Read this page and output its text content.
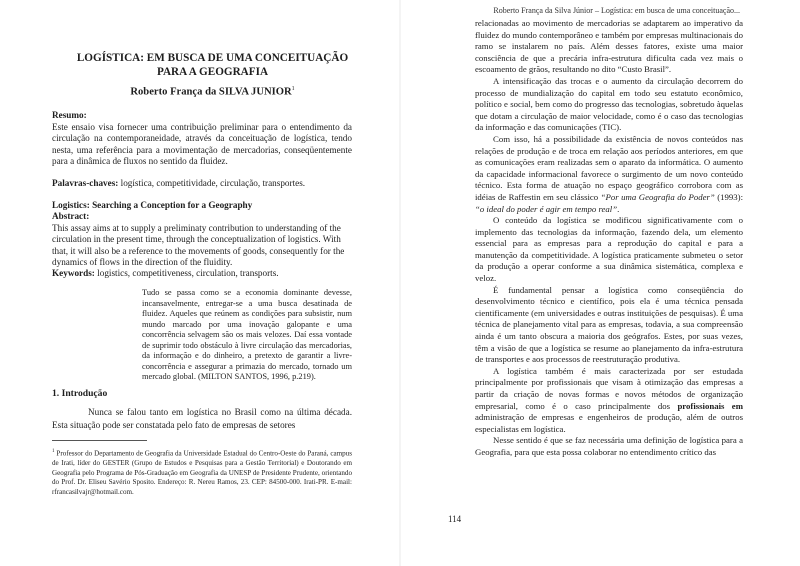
LOGÍSTICA: EM BUSCA DE UMA CONCEITUAÇÃO
PARA A GEOGRAFIA
Roberto França da SILVA JUNIOR$^1$
Resumo:
Este ensaio visa fornecer uma contribuição preliminar para o entendimento da circulação na contemporaneidade, através da conceituação de logística, tendo nesta, uma referência para a movimentação de mercadorias, conseqüentemente para a dinâmica de fluxos no sentido da fluidez.
Palavras-chaves: logística, competitividade, circulação, transportes.
Logistics: Searching a Conception for a Geography
Abstract:
This assay aims at to supply a preliminaty contribution to understanding of the circulation in the present time, through the conceptualization of logistics. With that, it will also be a reference to the movements of goods, consequently for the dynamics of flows in the direction of the fluidity.
Keywords: logistics, competitiveness, circulation, transports.
Tudo se passa como se a economia dominante devesse, incansavelmente, entregar-se a uma busca desatinada de fluidez. Aqueles que reúnem as condições para subsistir, num mundo marcado por uma inovação galopante e uma concorrência selvagem são os mais velozes. Daí essa vontade de suprimir todo obstáculo à livre circulação das mercadorias, da informação e do dinheiro, a pretexto de garantir a livre-concorrência e assegurar a primazia do mercado, tornado um mercado global. (MILTON SANTOS, 1996, p.219).
1. Introdução
Nunca se falou tanto em logística no Brasil como na última década. Esta situação pode ser constatada pelo fato de empresas de setores
$^1$ Professor do Departamento de Geografia da Universidade Estadual do Centro-Oeste do Paraná, campus de Irati, líder do GESTER (Grupo de Estudos e Pesquisas para a Gestão Territorial) e Doutorando em Geografia pelo Programa de Pós-Graduação em Geografia da UNESP de Presidente Prudente, orientando do Prof. Dr. Eliseu Savério Sposito. Endereço: R. Nereu Ramos, 23. CEP: 84500-000. Irati-PR. E-mail: rfrancasilvajr@hotmail.com.
Roberto França da Silva Júnior – Logística: em busca de uma conceituação...

relacionadas ao movimento de mercadorias se adaptarem ao imperativo da fluidez do mundo contemporâneo e também por empresas multinacionais do ramo se instalarem no país. Além desses fatores, existe uma maior consciência de que a precária infra-estrutura dificulta cada vez mais o escoamento de grãos, resultando no dito “Custo Brasil”.

A intensificação das trocas e o aumento da circulação decorrem do processo de mundialização do capital em todo seu estatuto econômico, político e social, bem como do progresso das tecnologias, sobretudo àquelas que dotam a circulação de maior velocidade, como é o caso das tecnologias da informação e das comunicações (TIC).

Com isso, há a possibilidade da existência de novos conteúdos nas relações de produção e de troca em relação aos períodos anteriores, em que as comunicações eram realizadas sem o aparato da informática. O aumento da capacidade informacional favorece o surgimento de um novo conteúdo técnico. Esta forma de atuação no espaço geográfico corrobora com as idéias de Raffestin em seu clássico “Por uma Geografia do Poder” (1993): “o ideal do poder é agir em tempo real”.

O conteúdo da logística se modificou significativamente com o implemento das tecnologias da informação, fazendo dela, um elemento essencial para as empresas para a reprodução do capital e para a manutenção da competitividade. A logística praticamente submeteu o setor da produção a operar conforme a sua dinâmica sistemática, complexa e veloz.

É fundamental pensar a logística como conseqüência do desenvolvimento técnico e científico, pois ela é uma técnica pensada cientificamente (em universidades e outras instituições de pesquisas). É uma técnica de planejamento vital para as empresas, todavia, a sua compreensão ainda é um tanto obscura a maioria dos geógrafos. Estes, por suas vezes, têm a visão de que a logística se resume ao planejamento da infra-estrutura de transportes e aos processos de reestruturação produtiva.

A logística também é mais caracterizada por ser estudada principalmente por profissionais que visam à otimização das empresas a partir da criação de novas formas e novos métodos de organização empresarial, como é o caso principalmente dos profissionais em administração de empresas e engenheiros de produção, além de outros especialistas em logística.

Nesse sentido é que se faz necessária uma definição de logística para a Geografia, para que esta possa colaborar no entendimento crítico das

114
